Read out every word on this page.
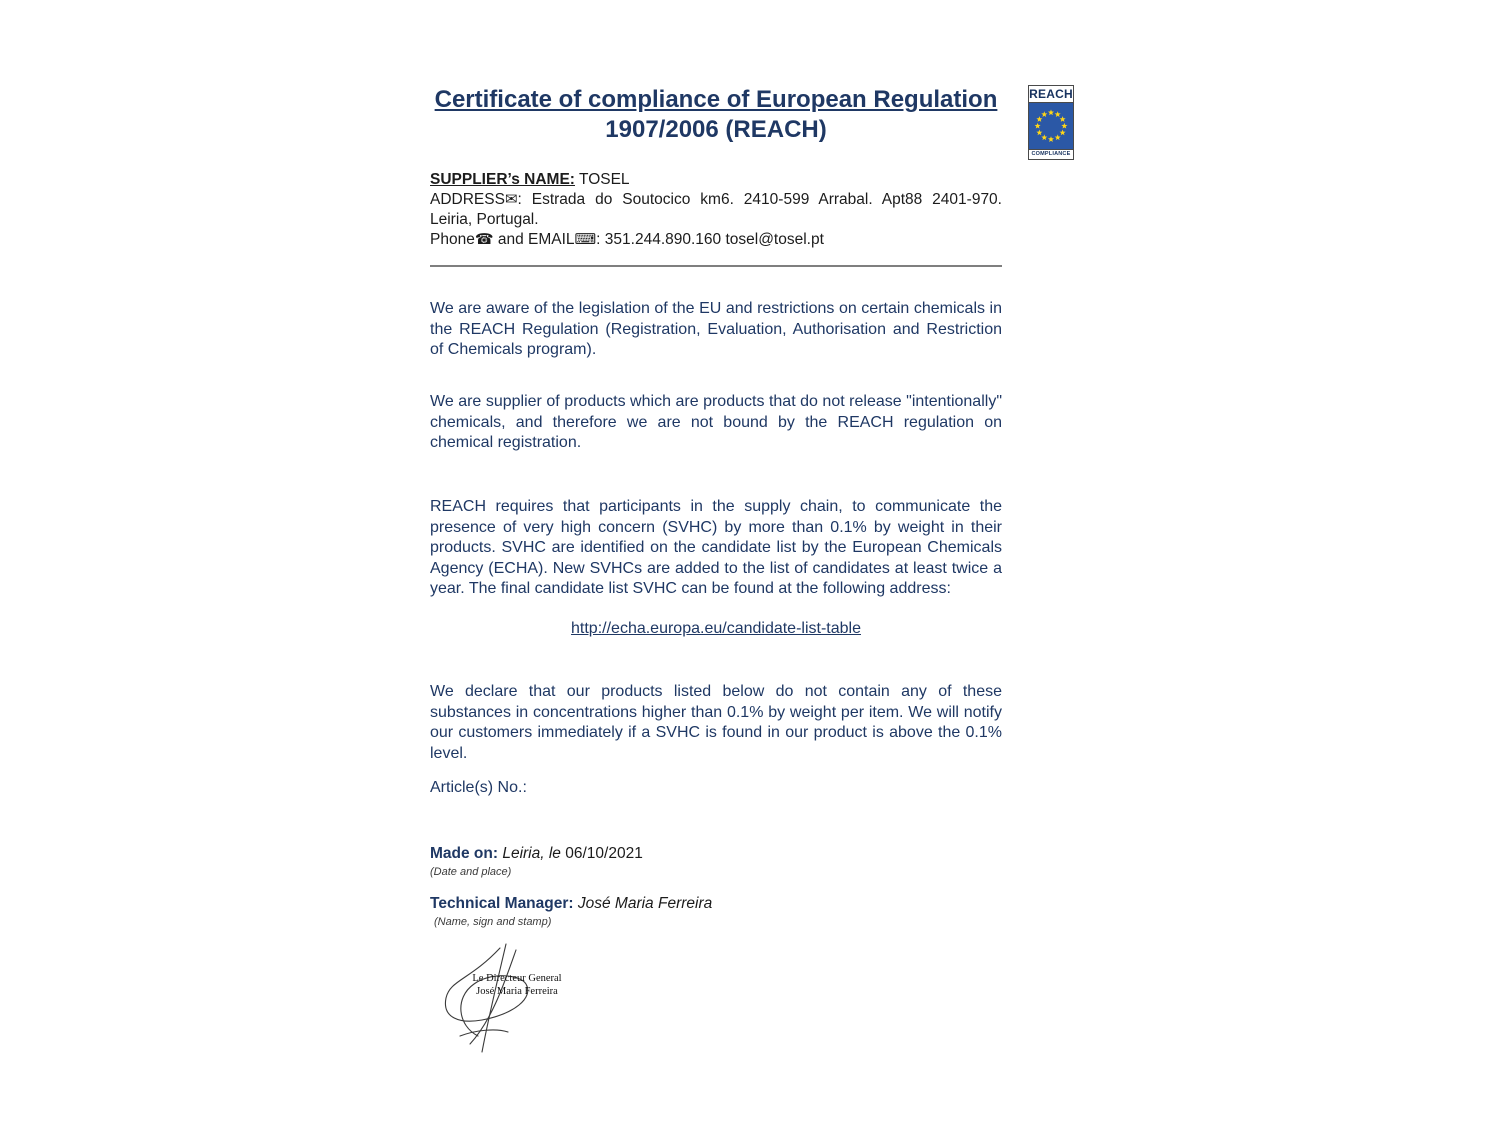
REACH
COMPLIANCE
Certificate of compliance of European Regulation
1907/2006 (REACH)
SUPPLIER’s NAME: TOSEL
ADDRESS✉: Estrada do Soutocico km6. 2410-599 Arrabal. Apt88 2401-970. Leiria, Portugal.
Phone☎ and EMAIL⌨: 351.244.890.160 tosel@tosel.pt

We are aware of the legislation of the EU and restrictions on certain chemicals in the REACH Regulation (Registration, Evaluation, Authorisation and Restriction of Chemicals program).

We are supplier of products which are products that do not release "intentionally" chemicals, and therefore we are not bound by the REACH regulation on chemical registration.

REACH requires that participants in the supply chain, to communicate the presence of very high concern (SVHC) by more than 0.1% by weight in their products. SVHC are identified on the candidate list by the European Chemicals Agency (ECHA). New SVHCs are added to the list of candidates at least twice a year. The final candidate list SVHC can be found at the following address:

http://echa.europa.eu/candidate-list-table

We declare that our products listed below do not contain any of these substances in concentrations higher than 0.1% by weight per item. We will notify our customers immediately if a SVHC is found in our product is above the 0.1% level.

Article(s) No.:

Made on: Leiria, le 06/10/2021
(Date and place)
Technical Manager: José Maria Ferreira
(Name, sign and stamp)
Le Directeur General
José Maria Ferreira
